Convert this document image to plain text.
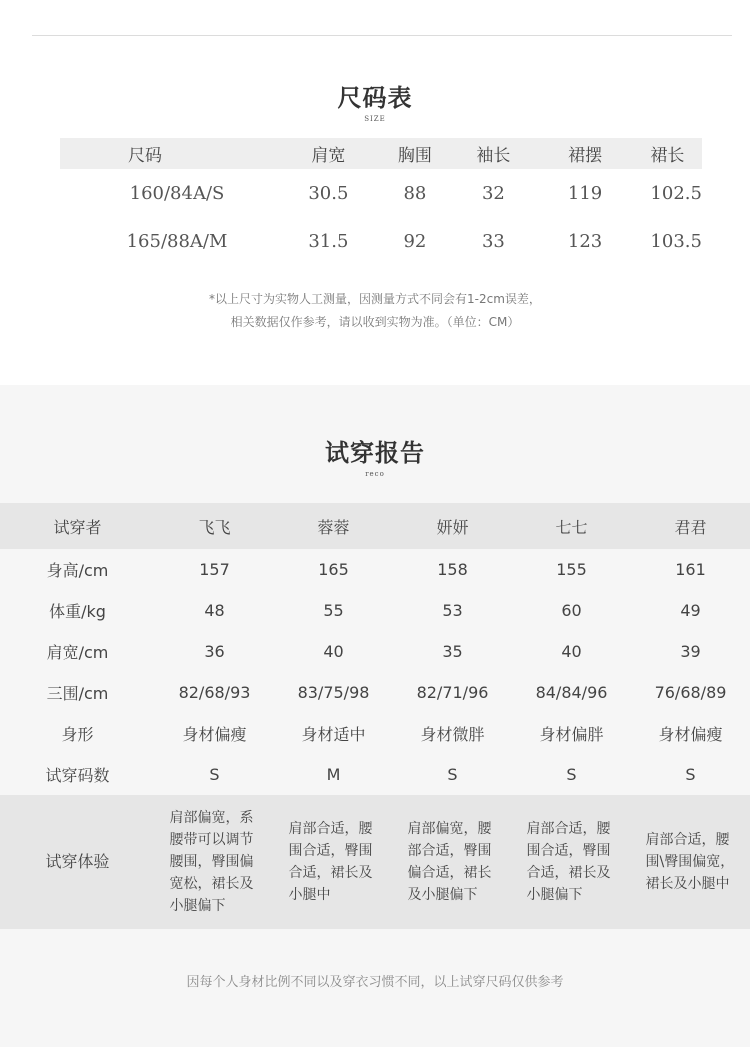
尺码表
SIZE
尺码	肩宽	胸围	袖长	裙摆	裙长
160/84A/S	30.5	88	32	119	102.5
165/88A/M	31.5	92	33	123	103.5
*以上尺寸为实物人工测量，因测量方式不同会有1-2cm误差，
相关数据仅作参考，请以收到实物为准。（单位：CM）
试穿报告
reco
试穿者	飞飞	蓉蓉	妍妍	七七	君君
身高/cm	157	165	158	155	161
体重/kg	48	55	53	60	49
肩宽/cm	36	40	35	40	39
三围/cm	82/68/93	83/75/98	82/71/96	84/84/96	76/68/89
身形	身材偏瘦	身材适中	身材微胖	身材偏胖	身材偏瘦
试穿码数	S	M	S	S	S
试穿体验	肩部偏宽，系腰带可以调节腰围，臀围偏宽松，裙长及小腿偏下	肩部合适，腰围合适，臀围合适，裙长及小腿中	肩部偏宽，腰部合适，臀围偏合适，裙长及小腿偏下	肩部合适，腰围合适，臀围合适，裙长及小腿偏下	肩部合适，腰围\臀围偏宽，裙长及小腿中
因每个人身材比例不同以及穿衣习惯不同，以上试穿尺码仅供参考
